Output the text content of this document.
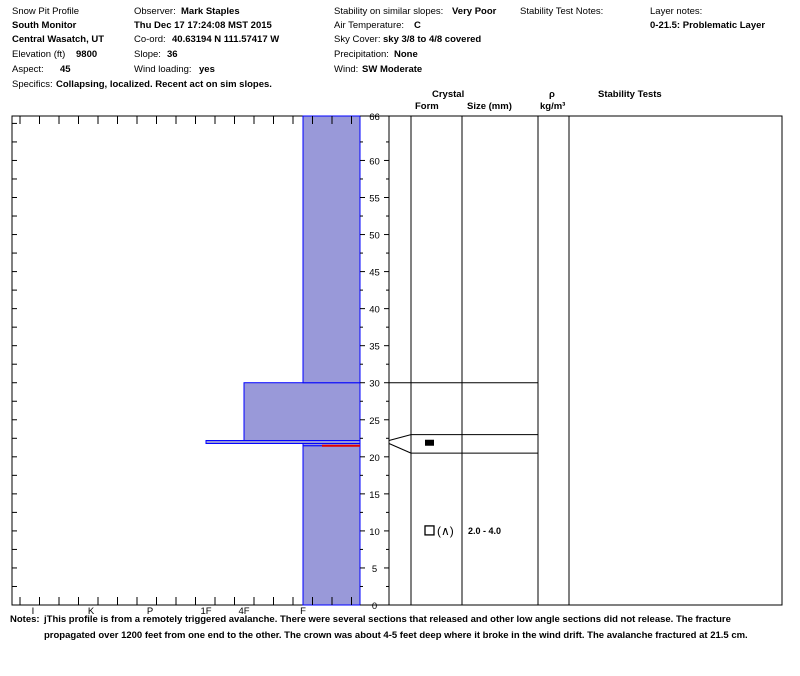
Snow Pit Profile
South Monitor
Central Wasatch, UT
Elevation (ft) 9800
Aspect: 45
Specifics: Collapsing, localized. Recent act on sim slopes.
Observer: Mark Staples
Thu Dec 17 17:24:08 MST 2015
Co-ord: 40.63194 N 111.57417 W
Slope: 36
Wind loading: yes
Stability on similar slopes: Very Poor
Air Temperature: C
Sky Cover: sky 3/8 to 4/8 covered
Precipitation: None
Wind: SW Moderate
Stability Test Notes:	Layer notes:
0-21.5: Problematic Layer
Crystal
Form	Size (mm)
ρ
kg/m³
Stability Tests
I	K	P	1F	4F	F	0
5
10
15
20
25
30
35
40
45
50
55
60
66
(∧) 2.0 - 4.0
Notes: jThis profile is from a remotely triggered avalanche. There were several sections that released and other low angle sections did not release. The fracture propagated over 1200 feet from one end to the other. The crown was about 4-5 feet deep where it broke in the wind drift. The avalanche fractured at 21.5 cm.
